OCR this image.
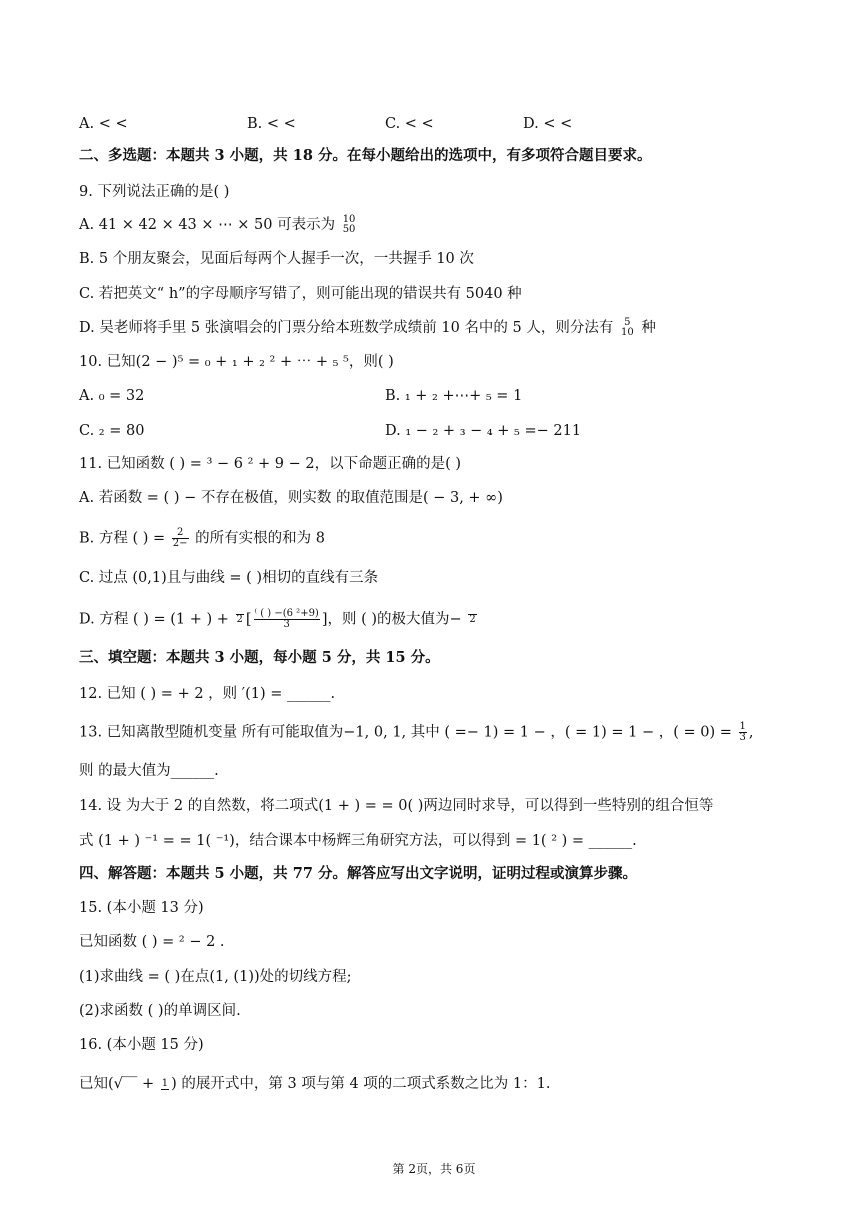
A. < <	B. < <	C. < <	D. < <
二、多选题：本题共 3 小题，共 18 分。在每小题给出的选项中，有多项符合题目要求。
9. 下列说法正确的是( )
A. 41 × 42 × 43 × ⋯ × 50 可表示为 10
50
B. 5 个朋友聚会，见面后每两个人握手一次，一共握手 10 次
C. 若把英文“ h”的字母顺序写错了，则可能出现的错误共有 5040 种
D. 吴老师将手里 5 张演唱会的门票分给本班数学成绩前 10 名中的 5 人，则分法有	5
10 种
10. 已知(2 − )⁵ = ₀ + ₁ + ₂ ² + ⋯ + ₅ ⁵，则( )
A. ₀ = 32	B. ₁ + ₂ +⋯+ ₅ = 1
C. ₂ = 80	D. ₁ − ₂ + ₃ − ₄ + ₅ =− 211
11. 已知函数 ( ) = ³ − 6 ² + 9 − 2，以下命题正确的是( )
A. 若函数 = ( ) − 不存在极值，则实数 的取值范围是( − 3, + ∞)
B. 方程 ( ) = $\frac{2}{2-}$ 的所有实根的和为 8
C. 过点 (0,1)且与曲线 = ( )相切的直线有三条
D. 方程 ( ) = (1 + ) + 2 [ $\frac{\text{⁽ ( ) −(6 ²+9)}}{3}$ ]，则 ( )的极大值为− 2
三、填空题：本题共 3 小题，每小题 5 分，共 15 分。
12. 已知 ( ) = + 2 ，则 ′(1) = ______.
13. 已知离散型随机变量 所有可能取值为−1, 0, 1, 其中 ( =− 1) = 1 − ，( = 1) = 1 − ，( = $0) = \frac{1}{3}$ ,
则 的最大值为______.
14. 设 为大于 2 的自然数，将二项式(1 + ) = = 0( )两边同时求导，可以得到一些特别的组合恒等
式 (1 + ) ⁻¹ = = 1( ⁻¹)，结合课本中杨辉三角研究方法，可以得到 = 1( ² ) = ______.
四、解答题：本题共 5 小题，共 77 分。解答应写出文字说明，证明过程或演算步骤。
15. (本小题 13 分)
已知函数 ( ) = ² − 2 .
(1)求曲线 = ( )在点(1, (1))处的切线方程;
(2)求函数 ( )的单调区间.
16. (本小题 15 分)
已知(√‾‾ + 1 ) 的展开式中，第 3 项与第 4 项的二项式系数之比为 1：1.
第 2页，共 6页
